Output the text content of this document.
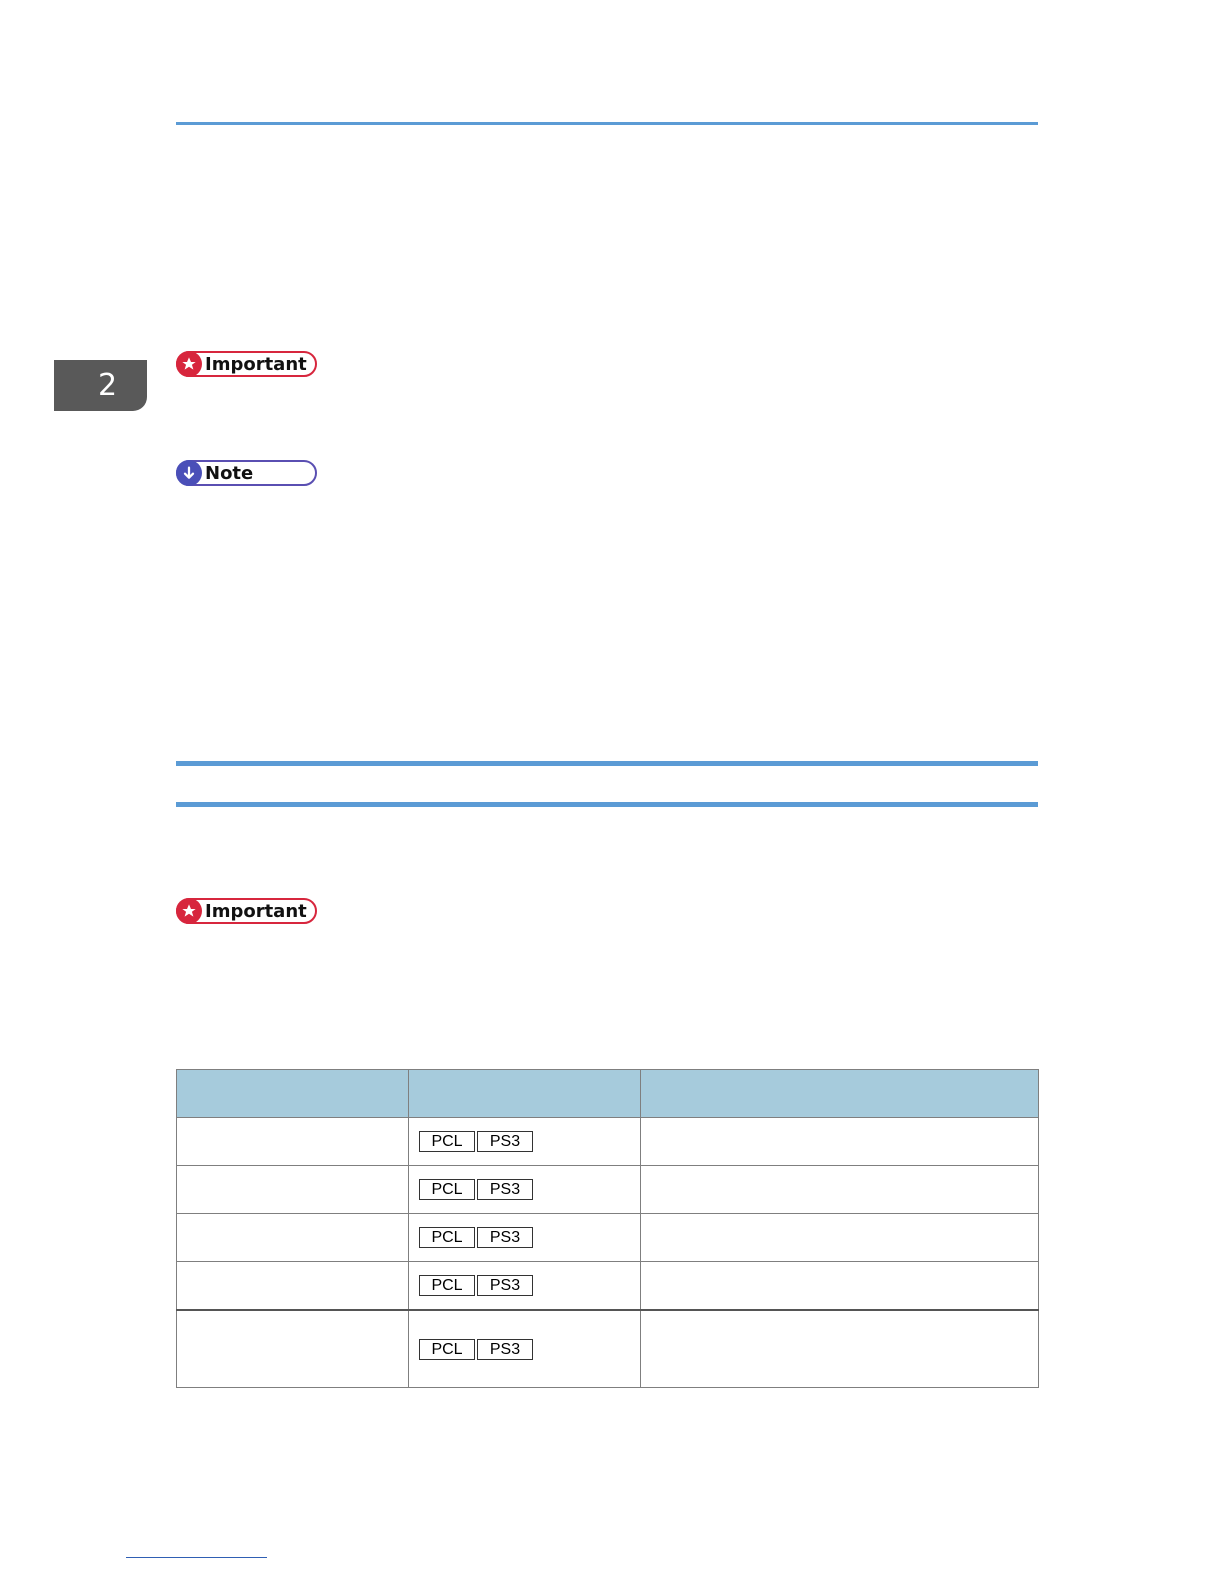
2
Important
Note
Important

	PCL PS3	
	PCL PS3	
	PCL PS3	
	PCL PS3	
	PCL PS3	
